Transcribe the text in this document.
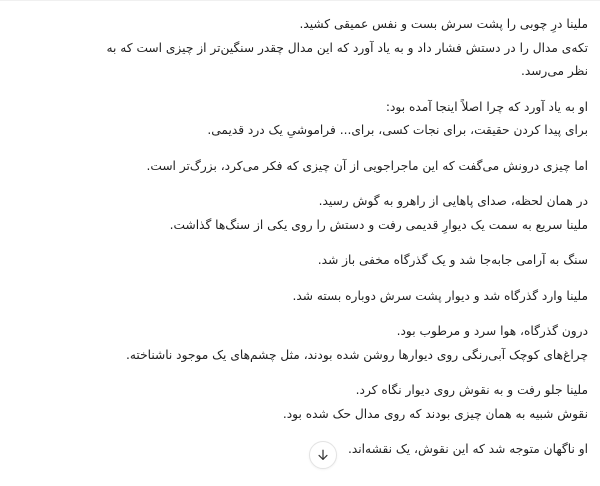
ملینا درِ چوبی را پشت سرش بست و نفس عمیقی کشید.
تکه‌ی مدال را در دستش فشار داد و به یاد آورد که این مدال چقدر سنگین‌تر از چیزی است که به نظر می‌رسد.

او به یاد آورد که چرا اصلاً اینجا آمده بود:
برای پیدا کردن حقیقت، برای نجات کسی، برای... فراموشیِ یک درد قدیمی.

اما چیزی درونش می‌گفت که این ماجراجویی از آن چیزی که فکر می‌کرد، بزرگ‌تر است.

در همان لحظه، صدای پاهایی از راهرو به گوش رسید.
ملینا سریع به سمت یک دیوارِ قدیمی رفت و دستش را روی یکی از سنگ‌ها گذاشت.

سنگ به آرامی جابه‌جا شد و یک گذرگاه مخفی باز شد.

ملینا وارد گذرگاه شد و دیوار پشت سرش دوباره بسته شد.

درون گذرگاه، هوا سرد و مرطوب بود.
چراغ‌های کوچک آبی‌رنگی روی دیوارها روشن شده بودند، مثل چشم‌های یک موجود ناشناخته.

ملینا جلو رفت و به نقوش روی دیوار نگاه کرد.
نقوش شبیه به همان چیزی بودند که روی مدال حک شده بود.

او ناگهان متوجه شد که این نقوش، یک نقشه‌اند.
